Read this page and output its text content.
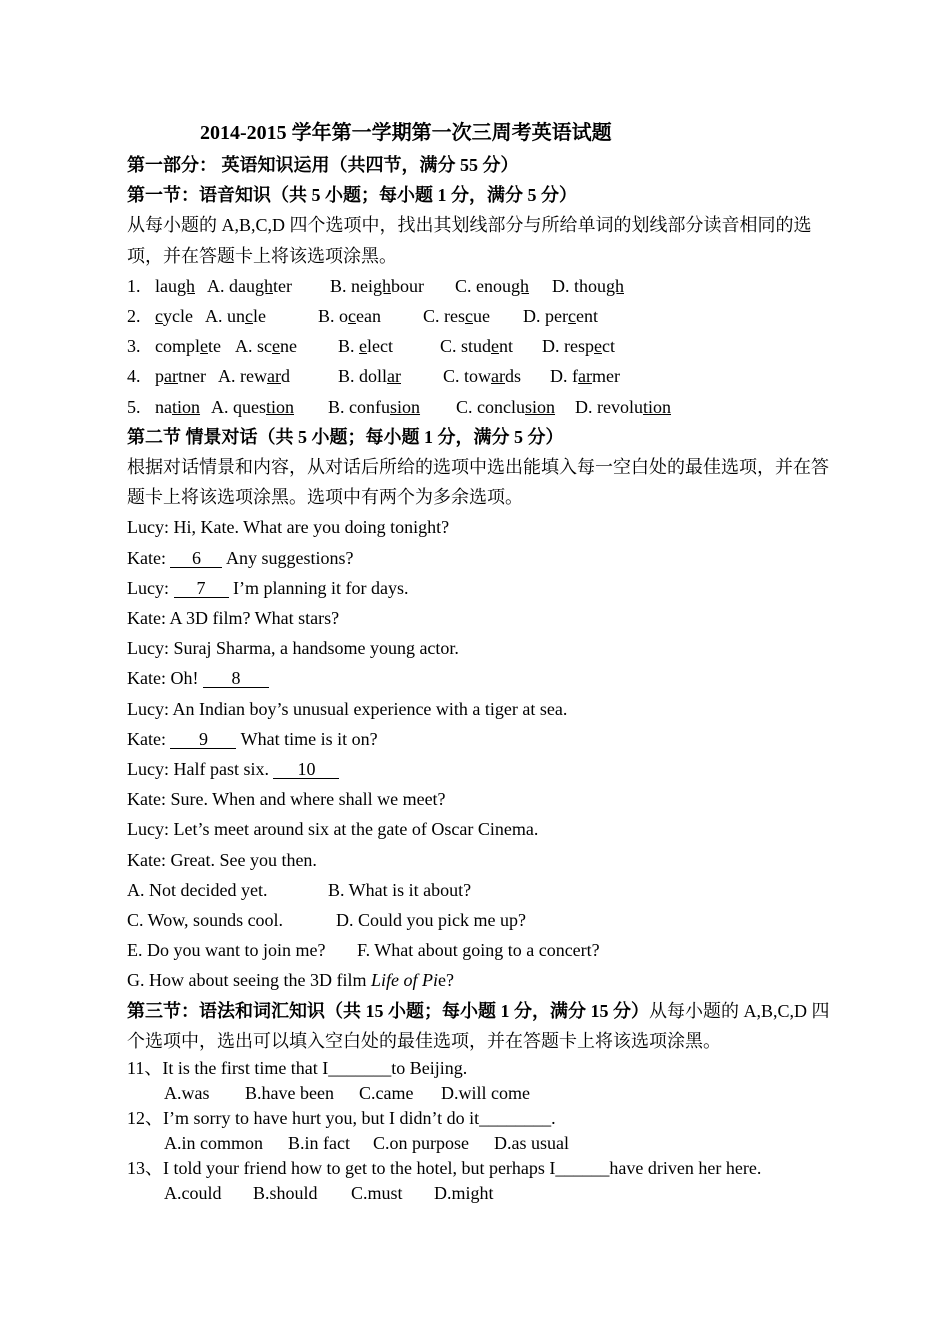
2014-2015 学年第一学期第一次三周考英语试题
第一部分： 英语知识运用（共四节，满分 55 分）
第一节：语音知识（共 5 小题；每小题 1 分，满分 5 分）
从每小题的 A,B,C,D 四个选项中，找出其划线部分与所给单词的划线部分读音相同的选项，并在答题卡上将该选项涂黑。
1. laugh A. daughter B. neighbour C. enough D. though
2. cycle A. uncle	B. ocean C. rescue D. percent
3. complete A. scene B. elect	C. student D. respect
4. partner A. reward	B. dollar C. towards D. farmer
5. nation A. question B. confusion C. conclusion D. revolution
第二节 情景对话（共 5 小题；每小题 1 分，满分 5 分）
根据对话情景和内容，从对话后所给的选项中选出能填入每一空白处的最佳选项，并在答题卡上将该选项涂黑。选项中有两个为多余选项。
Lucy: Hi, Kate. What are you doing tonight?
Kate: 6 Any suggestions?
Lucy: 7 I’m planning it for days.
Kate: A 3D film? What stars?
Lucy: Suraj Sharma, a handsome young actor.
Kate: Oh! 8
Lucy: An Indian boy’s unusual experience with a tiger at sea.
Kate: 9 What time is it on?
Lucy: Half past six. 10
Kate: Sure. When and where shall we meet?
Lucy: Let’s meet around six at the gate of Oscar Cinema.
Kate: Great. See you then.
A. Not decided yet.	B. What is it about?
C. Wow, sounds cool.	D. Could you pick me up?
E. Do you want to join me? F. What about going to a concert?
G. How about seeing the 3D film Life of Pie?
第三节：语法和词汇知识（共 15 小题；每小题 1 分，满分 15 分）从每小题的 A,B,C,D 四
个选项中，选出可以填入空白处的最佳选项，并在答题卡上将该选项涂黑。
11、It is the first time that I_______to Beijing.
A.was B.have been C.came D.will come
12、I’m sorry to have hurt you, but I didn’t do it________.
A.in common B.in fact C.on purpose D.as usual
13、I told your friend how to get to the hotel, but perhaps I______have driven her here.
A.could B.should C.must D.might
